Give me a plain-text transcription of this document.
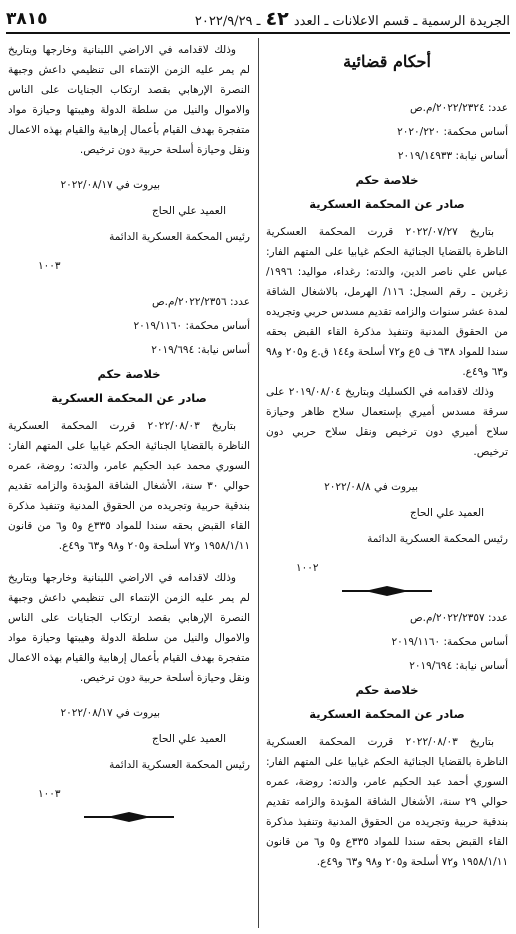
الجريدة الرسمية ـ قسم الاعلانات ـ العدد ٤٢ ـ ٢٠٢٢/٩/٢٩
٣٨١٥
أحكام قضائية
عدد: ٢٠٢٢/٢٣٢٤/م.ص
أساس محكمة: ٢٠٢٠/٢٢٠
أساس نيابة: ٢٠١٩/١٤٩٣٣
خلاصة حكم
صادر عن المحكمة العسكرية

بتاريخ ٢٠٢٢/٠٧/٢٧ قررت المحكمة العسكرية الناظرة بالقضايا الجنائية الحكم غيابيا على المتهم الفار: عباس علي ناصر الدين، والدته: رغداء، مواليد: ١٩٩٦/ زغرين ـ رقم السجل: ١١٦/ الهرمل، بالاشغال الشاقة لمدة عشر سنوات والزامه تقديم مسدس حربي وتجريده من الحقوق المدنية وتنفيذ مذكرة القاء القبض بحقه سندا للمواد ٦٣٨ ف ٥ع و٧٢ أسلحة و١٤٤ ق.ع و٢٠٥ و٩٨ و٦٣ و٤٩ع.

وذلك لاقدامه في الكسليك وبتاريخ ٢٠١٩/٠٨/٠٤ على سرقة مسدس أميري بإستعمال سلاح ظاهر وحيازة سلاح أميري دون ترخيص ونقل سلاح حربي دون ترخيص.

بيروت في ٢٠٢٢/٠٨/٨
العميد علي الحاج
رئيس المحكمة العسكرية الدائمة
١٠٠٢
عدد: ٢٠٢٢/٢٣٥٧/م.ص
أساس محكمة: ٢٠١٩/١١٦٠
أساس نيابة: ٢٠١٩/٦٩٤
خلاصة حكم
صادر عن المحكمة العسكرية

بتاريخ ٢٠٢٢/٠٨/٠٣ قررت المحكمة العسكرية الناظرة بالقضايا الجنائية الحكم غيابيا على المتهم الفار: السوري أحمد عبد الحكيم عامر، والدته: روضة، عمره حوالي ٢٩ سنة، الأشغال الشاقة المؤبدة والزامه تقديم بندقية حربية وتجريده من الحقوق المدنية وتنفيذ مذكرة القاء القبض بحقه سندا للمواد ٣٣٥ع و٥ و٦ من قانون ١٩٥٨/١/١١ و٧٢ أسلحة و٢٠٥ و٩٨ و٦٣ و٤٩ع.

وذلك لاقدامه في الاراضي اللبنانية وخارجها وبتاريخ لم يمر عليه الزمن الإنتماء الى تنظيمي داعش وجبهة النصرة الإرهابي بقصد ارتكاب الجنايات على الناس والاموال والنيل من سلطة الدولة وهيبتها وحيازة مواد متفجرة بهدف القيام بأعمال إرهابية والقيام بهذه الاعمال ونقل وحيازة أسلحة حربية دون ترخيص.

بيروت في ٢٠٢٢/٠٨/١٧
العميد علي الحاج
رئيس المحكمة العسكرية الدائمة
١٠٠٣
عدد: ٢٠٢٢/٢٣٥٦/م.ص
أساس محكمة: ٢٠١٩/١١٦٠
أساس نيابة: ٢٠١٩/٦٩٤
خلاصة حكم
صادر عن المحكمة العسكرية

بتاريخ ٢٠٢٢/٠٨/٠٣ قررت المحكمة العسكرية الناظرة بالقضايا الجنائية الحكم غيابيا على المتهم الفار: السوري محمد عبد الحكيم عامر، والدته: روضة، عمره حوالي ٣٠ سنة، الأشغال الشاقة المؤبدة والزامه تقديم بندقية حربية وتجريده من الحقوق المدنية وتنفيذ مذكرة القاء القبض بحقه سندا للمواد ٣٣٥ع و٥ و٦ من قانون ١٩٥٨/١/١١ و٧٢ أسلحة و٢٠٥ و٩٨ و٦٣ و٤٩ع.

وذلك لاقدامه في الاراضي اللبنانية وخارجها وبتاريخ لم يمر عليه الزمن الإنتماء الى تنظيمي داعش وجبهة النصرة الإرهابي بقصد ارتكاب الجنايات على الناس والاموال والنيل من سلطة الدولة وهيبتها وحيازة مواد متفجرة بهدف القيام بأعمال إرهابية والقيام بهذه الاعمال ونقل وحيازة أسلحة حربية دون ترخيص.

بيروت في ٢٠٢٢/٠٨/١٧
العميد علي الحاج
رئيس المحكمة العسكرية الدائمة
١٠٠٣
